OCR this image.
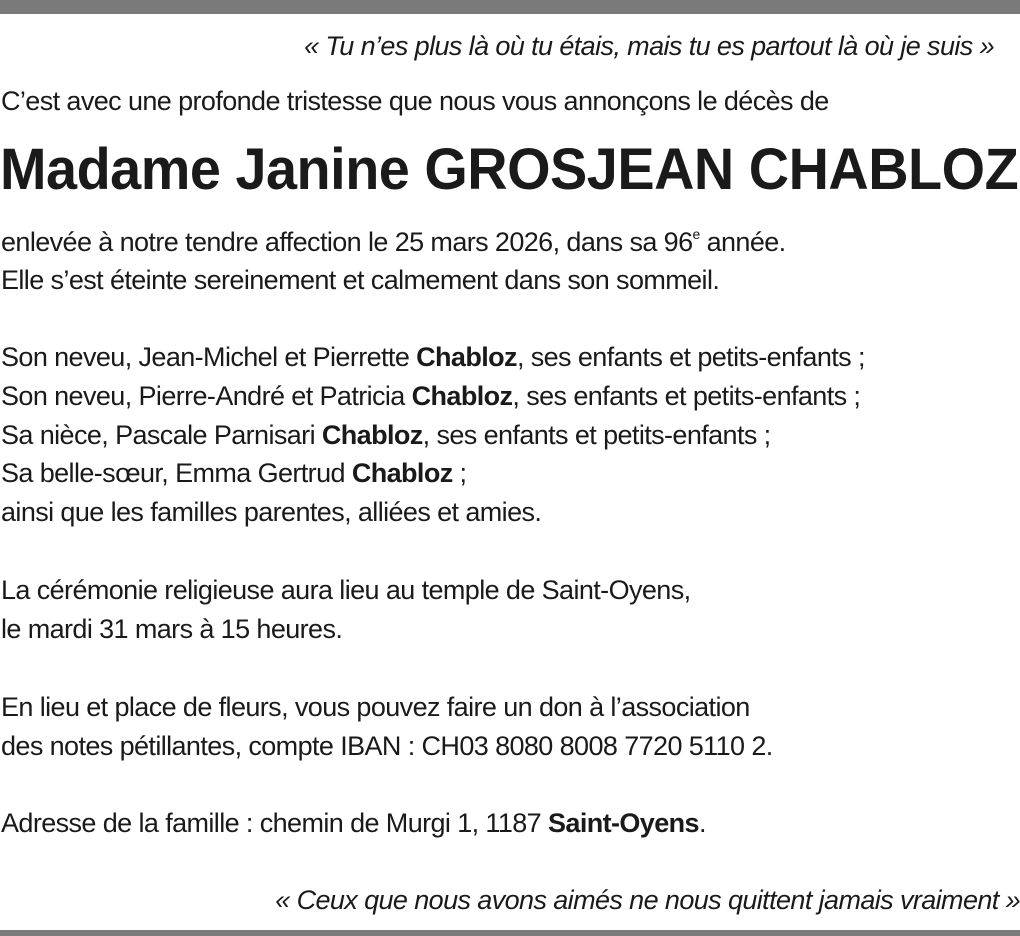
« Tu n’es plus là où tu étais, mais tu es partout là où je suis »
C’est avec une profonde tristesse que nous vous annonçons le décès de
Madame Janine GROSJEAN CHABLOZ
enlevée à notre tendre affection le 25 mars 2026, dans sa 96e année.
Elle s’est éteinte sereinement et calmement dans son sommeil.
Son neveu, Jean-Michel et Pierrette Chabloz, ses enfants et petits-enfants ;
Son neveu, Pierre-André et Patricia Chabloz, ses enfants et petits-enfants ;
Sa nièce, Pascale Parnisari Chabloz, ses enfants et petits-enfants ;
Sa belle-sœur, Emma Gertrud Chabloz ;
ainsi que les familles parentes, alliées et amies.
La cérémonie religieuse aura lieu au temple de Saint-Oyens,
le mardi 31 mars à 15 heures.
En lieu et place de fleurs, vous pouvez faire un don à l’association
des notes pétillantes, compte IBAN : CH03 8080 8008 7720 5110 2.
Adresse de la famille : chemin de Murgi 1, 1187 Saint-Oyens.
« Ceux que nous avons aimés ne nous quittent jamais vraiment »
